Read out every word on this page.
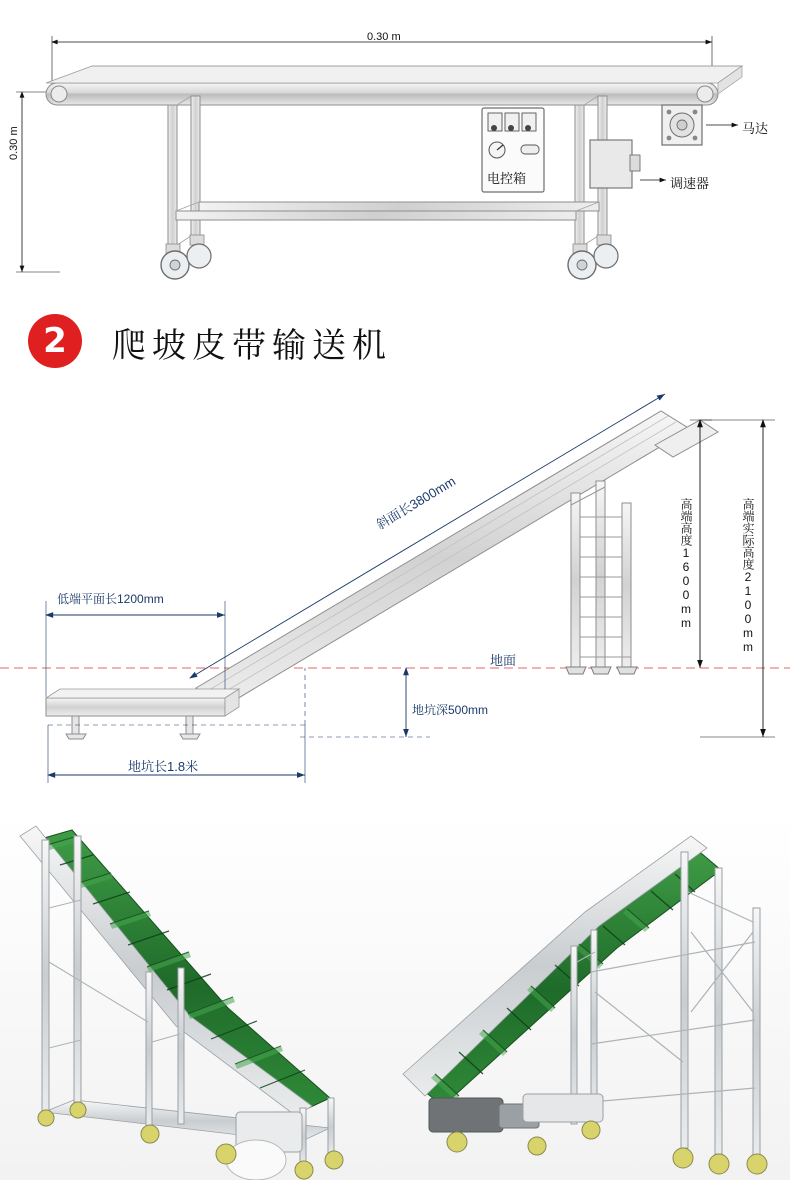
0.30 m
0.30 m	马达
调速器
电控箱
2	爬坡皮带输送机
斜面长3800mm
低端平面长1200mm
地面
地坑深500mm
地坑长1.8米
高端高度1600mm	高端实际高度2100mm
